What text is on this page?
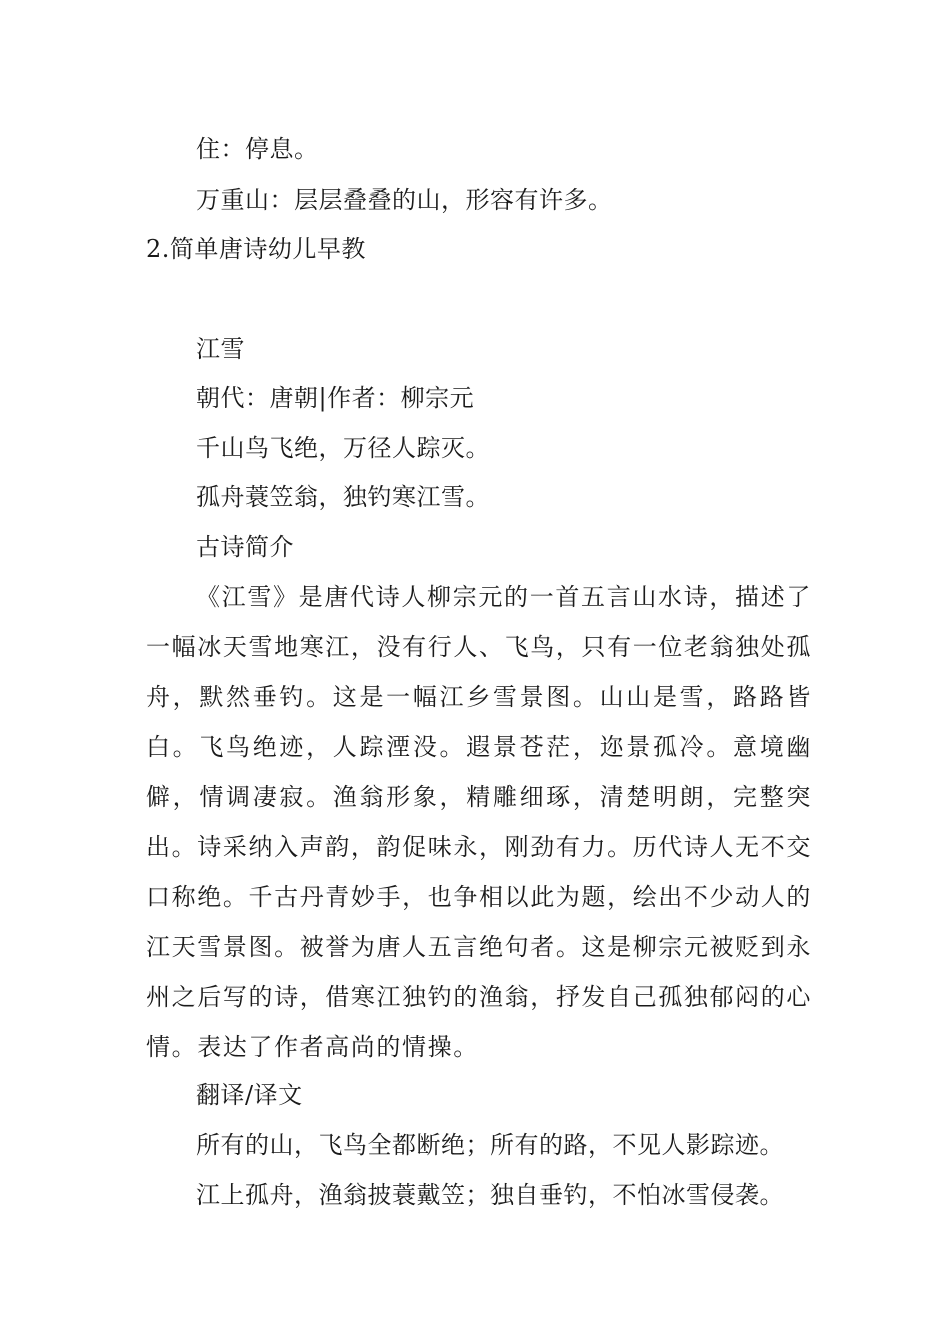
住：停息。
万重山：层层叠叠的山，形容有许多。
2.简单唐诗幼儿早教
江雪
朝代：唐朝|作者：柳宗元
千山鸟飞绝，万径人踪灭。
孤舟蓑笠翁，独钓寒江雪。
古诗简介

《江雪》是唐代诗人柳宗元的一首五言山水诗，描述了一幅冰天雪地寒江，没有行人、飞鸟，只有一位老翁独处孤舟，默然垂钓。这是一幅江乡雪景图。山山是雪，路路皆白。飞鸟绝迹，人踪湮没。遐景苍茫，迩景孤冷。意境幽僻，情调凄寂。渔翁形象，精雕细琢，清楚明朗，完整突出。诗采纳入声韵，韵促味永，刚劲有力。历代诗人无不交口称绝。千古丹青妙手，也争相以此为题，绘出不少动人的江天雪景图。被誉为唐人五言绝句者。这是柳宗元被贬到永州之后写的诗，借寒江独钓的渔翁，抒发自己孤独郁闷的心情。表达了作者高尚的情操。

翻译/译文
所有的山，飞鸟全都断绝；所有的路，不见人影踪迹。
江上孤舟，渔翁披蓑戴笠；独自垂钓，不怕冰雪侵袭。
